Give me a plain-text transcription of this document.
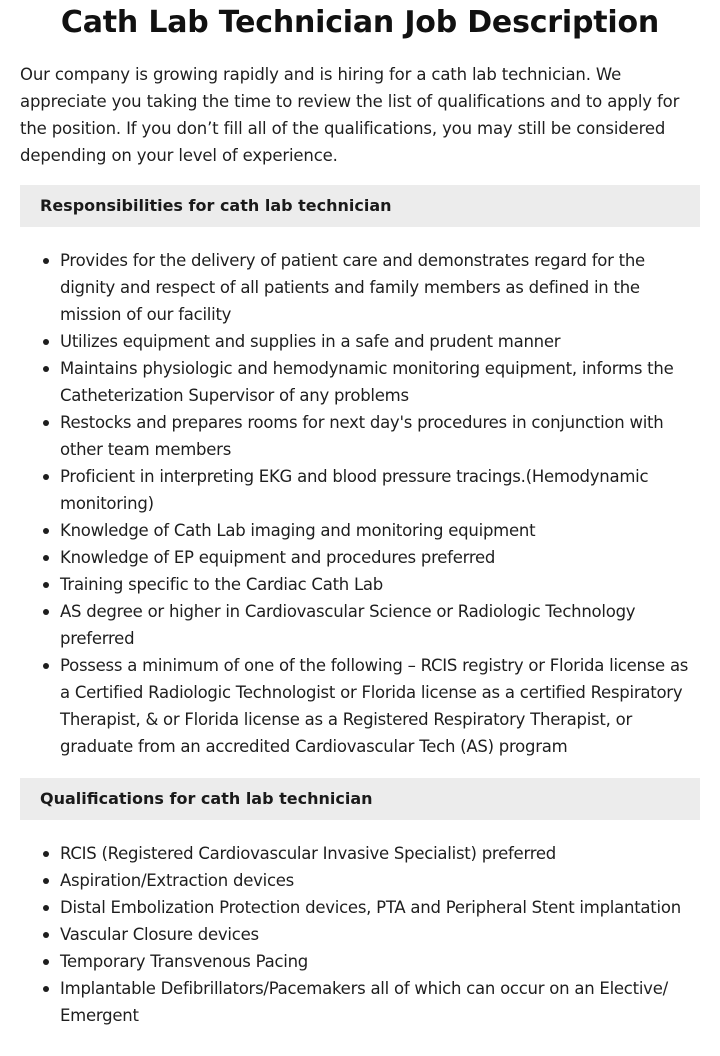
Cath Lab Technician Job Description

Our company is growing rapidly and is hiring for a cath lab technician. We appreciate you taking the time to review the list of qualifications and to apply for the position. If you don’t fill all of the qualifications, you may still be considered depending on your level of experience.

Responsibilities for cath lab technician
Provides for the delivery of patient care and demonstrates regard for the dignity and respect of all patients and family members as defined in the mission of our facility
Utilizes equipment and supplies in a safe and prudent manner
Maintains physiologic and hemodynamic monitoring equipment, informs the Catheterization Supervisor of any problems
Restocks and prepares rooms for next day's procedures in conjunction with other team members
Proficient in interpreting EKG and blood pressure tracings.(Hemodynamic monitoring)
Knowledge of Cath Lab imaging and monitoring equipment
Knowledge of EP equipment and procedures preferred
Training specific to the Cardiac Cath Lab
AS degree or higher in Cardiovascular Science or Radiologic Technology preferred
Possess a minimum of one of the following – RCIS registry or Florida license as a Certified Radiologic Technologist or Florida license as a certified Respiratory Therapist, & or Florida license as a Registered Respiratory Therapist, or graduate from an accredited Cardiovascular Tech (AS) program
Qualifications for cath lab technician
RCIS (Registered Cardiovascular Invasive Specialist) preferred
Aspiration/Extraction devices
Distal Embolization Protection devices, PTA and Peripheral Stent implantation
Vascular Closure devices
Temporary Transvenous Pacing
Implantable Defibrillators/Pacemakers all of which can occur on an Elective/ Emergent
